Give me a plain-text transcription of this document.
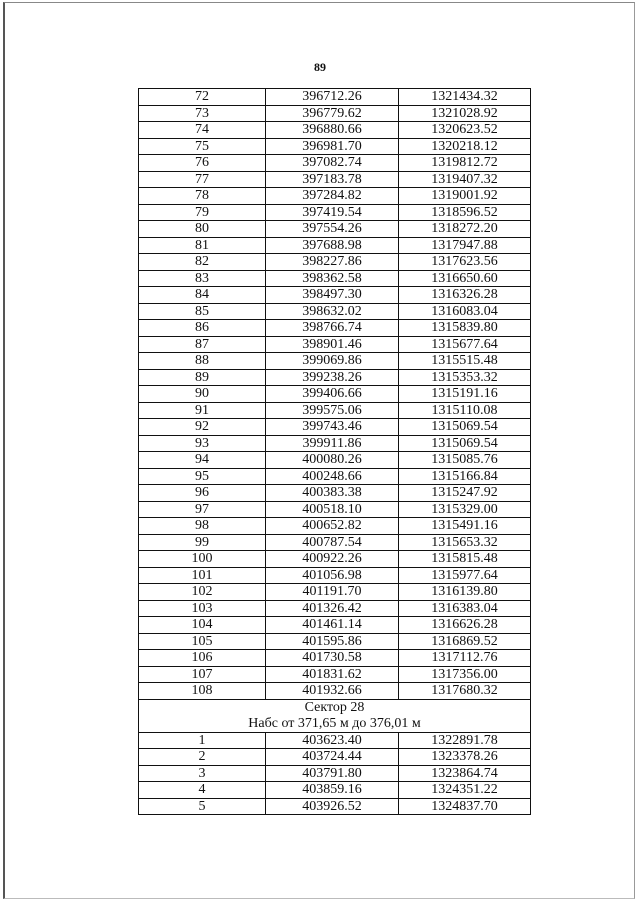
89
72	396712.26	1321434.32
73	396779.62	1321028.92
74	396880.66	1320623.52
75	396981.70	1320218.12
76	397082.74	1319812.72
77	397183.78	1319407.32
78	397284.82	1319001.92
79	397419.54	1318596.52
80	397554.26	1318272.20
81	397688.98	1317947.88
82	398227.86	1317623.56
83	398362.58	1316650.60
84	398497.30	1316326.28
85	398632.02	1316083.04
86	398766.74	1315839.80
87	398901.46	1315677.64
88	399069.86	1315515.48
89	399238.26	1315353.32
90	399406.66	1315191.16
91	399575.06	1315110.08
92	399743.46	1315069.54
93	399911.86	1315069.54
94	400080.26	1315085.76
95	400248.66	1315166.84
96	400383.38	1315247.92
97	400518.10	1315329.00
98	400652.82	1315491.16
99	400787.54	1315653.32
100	400922.26	1315815.48
101	401056.98	1315977.64
102	401191.70	1316139.80
103	401326.42	1316383.04
104	401461.14	1316626.28
105	401595.86	1316869.52
106	401730.58	1317112.76
107	401831.62	1317356.00
108	401932.66	1317680.32

Сектор 28
Набс от 371,65 м до 376,01 м		

1	403623.40	1322891.78
2	403724.44	1323378.26
3	403791.80	1323864.74
4	403859.16	1324351.22
5	403926.52	1324837.70
